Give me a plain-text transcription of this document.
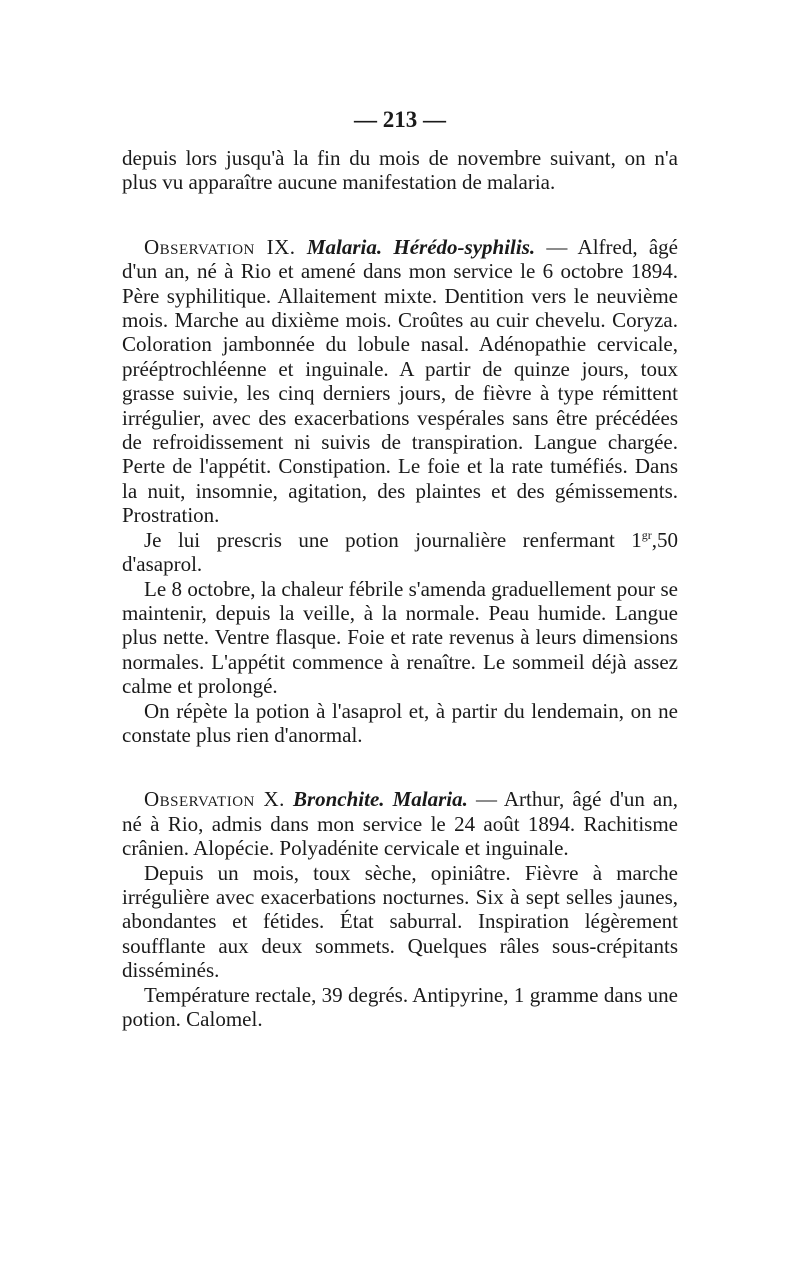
— 213 —

depuis lors jusqu'à la fin du mois de novembre suivant, on n'a plus vu apparaître aucune manifestation de malaria.

Observation IX. Malaria. Hérédo-syphilis. — Alfred, âgé d'un an, né à Rio et amené dans mon service le 6 octobre 1894. Père syphilitique. Allaitement mixte. Dentition vers le neuvième mois. Marche au dixième mois. Croûtes au cuir chevelu. Coryza. Coloration jambonnée du lobule nasal. Adénopathie cervicale, prééptrochléenne et inguinale. A partir de quinze jours, toux grasse suivie, les cinq derniers jours, de fièvre à type rémittent irrégulier, avec des exacerbations vespérales sans être précédées de refroidissement ni suivis de transpiration. Langue chargée. Perte de l'appétit. Constipation. Le foie et la rate tuméfiés. Dans la nuit, insomnie, agitation, des plaintes et des gémissements. Prostration.

Je lui prescris une potion journalière renfermant $1^{gr},50$ d'asaprol.

Le 8 octobre, la chaleur fébrile s'amenda graduellement pour se maintenir, depuis la veille, à la normale. Peau humide. Langue plus nette. Ventre flasque. Foie et rate revenus à leurs dimensions normales. L'appétit commence à renaître. Le sommeil déjà assez calme et prolongé.

On répète la potion à l'asaprol et, à partir du lendemain, on ne constate plus rien d'anormal.

Observation X. Bronchite. Malaria. — Arthur, âgé d'un an, né à Rio, admis dans mon service le 24 août 1894. Rachitisme crânien. Alopécie. Polyadénite cervicale et inguinale.

Depuis un mois, toux sèche, opiniâtre. Fièvre à marche irrégulière avec exacerbations nocturnes. Six à sept selles jaunes, abondantes et fétides. État saburral. Inspiration légèrement soufflante aux deux sommets. Quelques râles sous-crépitants disséminés.

Température rectale, 39 degrés. Antipyrine, 1 gramme dans une potion. Calomel.
